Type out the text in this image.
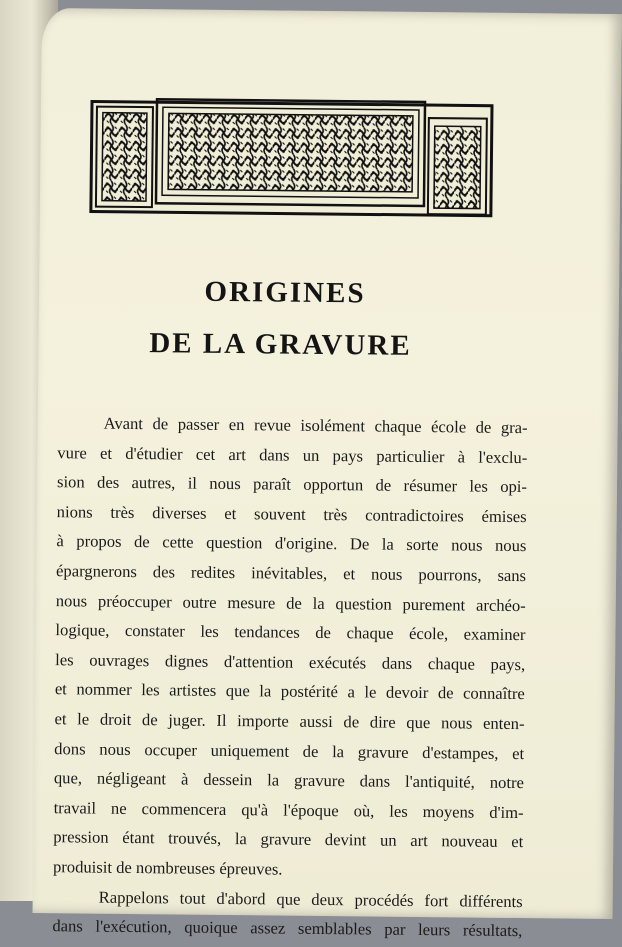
ORIGINES
DE LA GRAVURE
Avant de passer en revue isolément chaque école de gra-
vure et d'étudier cet art dans un pays particulier à l'exclu-
sion des autres, il nous paraît opportun de résumer les opi-
nions très diverses et souvent très contradictoires émises
à propos de cette question d'origine. De la sorte nous nous
épargnerons des redites inévitables, et nous pourrons, sans
nous préoccuper outre mesure de la question purement archéo-
logique, constater les tendances de chaque école, examiner
les ouvrages dignes d'attention exécutés dans chaque pays,
et nommer les artistes que la postérité a le devoir de connaître
et le droit de juger. Il importe aussi de dire que nous enten-
dons nous occuper uniquement de la gravure d'estampes, et
que, négligeant à dessein la gravure dans l'antiquité, notre
travail ne commencera qu'à l'époque où, les moyens d'im-
pression étant trouvés, la gravure devint un art nouveau et
produisit de nombreuses épreuves.
Rappelons tout d'abord que deux procédés fort différents
dans l'exécution, quoique assez semblables par leurs résultats,
